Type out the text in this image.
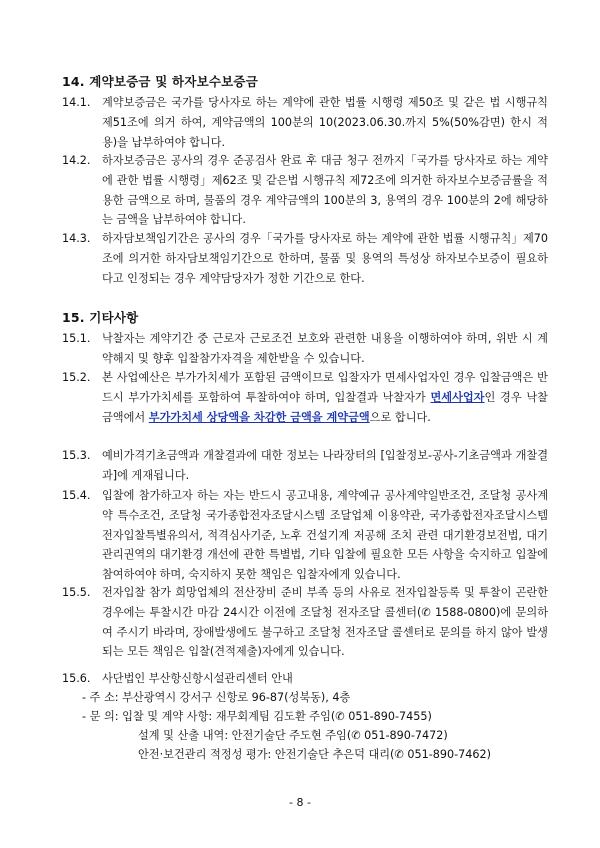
14. 계약보증금 및 하자보수보증금
14.1.	계약보증금은 국가를 당사자로 하는 계약에 관한 법률 시행령 제50조 및 같은 법 시행규칙 제51조에 의거 하여, 계약금액의 100분의 10(2023.06.30.까지 5%(50%감면) 한시 적용)을 납부하여야 합니다.
14.2.	하자보증금은 공사의 경우 준공검사 완료 후 대금 청구 전까지「국가를 당사자로 하는 계약에 관한 법률 시행령」제62조 및 같은법 시행규칙 제72조에 의거한 하자보수보증금률을 적용한 금액으로 하며, 물품의 경우 계약금액의 100분의 3, 용역의 경우 100분의 2에 해당하는 금액을 납부하여야 합니다.
14.3.	하자담보책임기간은 공사의 경우「국가를 당사자로 하는 계약에 관한 법률 시행규칙」제70조에 의거한 하자담보책임기간으로 한하며, 물품 및 용역의 특성상 하자보수보증이 필요하다고 인정되는 경우 계약담당자가 정한 기간으로 한다.
15. 기타사항
15.1.	낙찰자는 계약기간 중 근로자 근로조건 보호와 관련한 내용을 이행하여야 하며, 위반 시 계약해지 및 향후 입찰참가자격을 제한받을 수 있습니다.
15.2.	본 사업예산은 부가가치세가 포함된 금액이므로 입찰자가 면세사업자인 경우 입찰금액은 반드시 부가가치세를 포함하여 투찰하여야 하며, 입찰결과 낙찰자가 면세사업자인 경우 낙찰금액에서 부가가치세 상당액을 차감한 금액을 계약금액으로 합니다.
15.3.	예비가격기초금액과 개찰결과에 대한 정보는 나라장터의 [입찰정보-공사-기초금액과 개찰결과]에 게재됩니다.
15.4.	입찰에 참가하고자 하는 자는 반드시 공고내용, 계약예규 공사계약일반조건, 조달청 공사계약 특수조건, 조달청 국가종합전자조달시스템 조달업체 이용약관, 국가종합전자조달시스템 전자입찰특별유의서, 적격심사기준, 노후 건설기계 저공해 조치 관련 대기환경보전법, 대기관리권역의 대기환경 개선에 관한 특별법, 기타 입찰에 필요한 모든 사항을 숙지하고 입찰에 참여하여야 하며, 숙지하지 못한 책임은 입찰자에게 있습니다.
15.5.	전자입찰 참가 희망업체의 전산장비 준비 부족 등의 사유로 전자입찰등록 및 투찰이 곤란한 경우에는 투찰시간 마감 24시간 이전에 조달청 전자조달 콜센터(✆ 1588-0800)에 문의하여 주시기 바라며, 장애발생에도 불구하고 조달청 전자조달 콜센터로 문의를 하지 않아 발생되는 모든 책임은 입찰(견적제출)자에게 있습니다.
15.6.	사단법인 부산항신항시설관리센터 안내
- 주 소: 부산광역시 강서구 신항로 96-87(성북동), 4층
- 문 의: 입찰 및 계약 사항: 재무회계팀 김도환 주임(✆ 051-890-7455)
설계 및 산출 내역: 안전기술단 주도현 주임(✆ 051-890-7472)
안전‧보건관리 적정성 평가: 안전기술단 추은덕 대리(✆ 051-890-7462)
- 8 -
